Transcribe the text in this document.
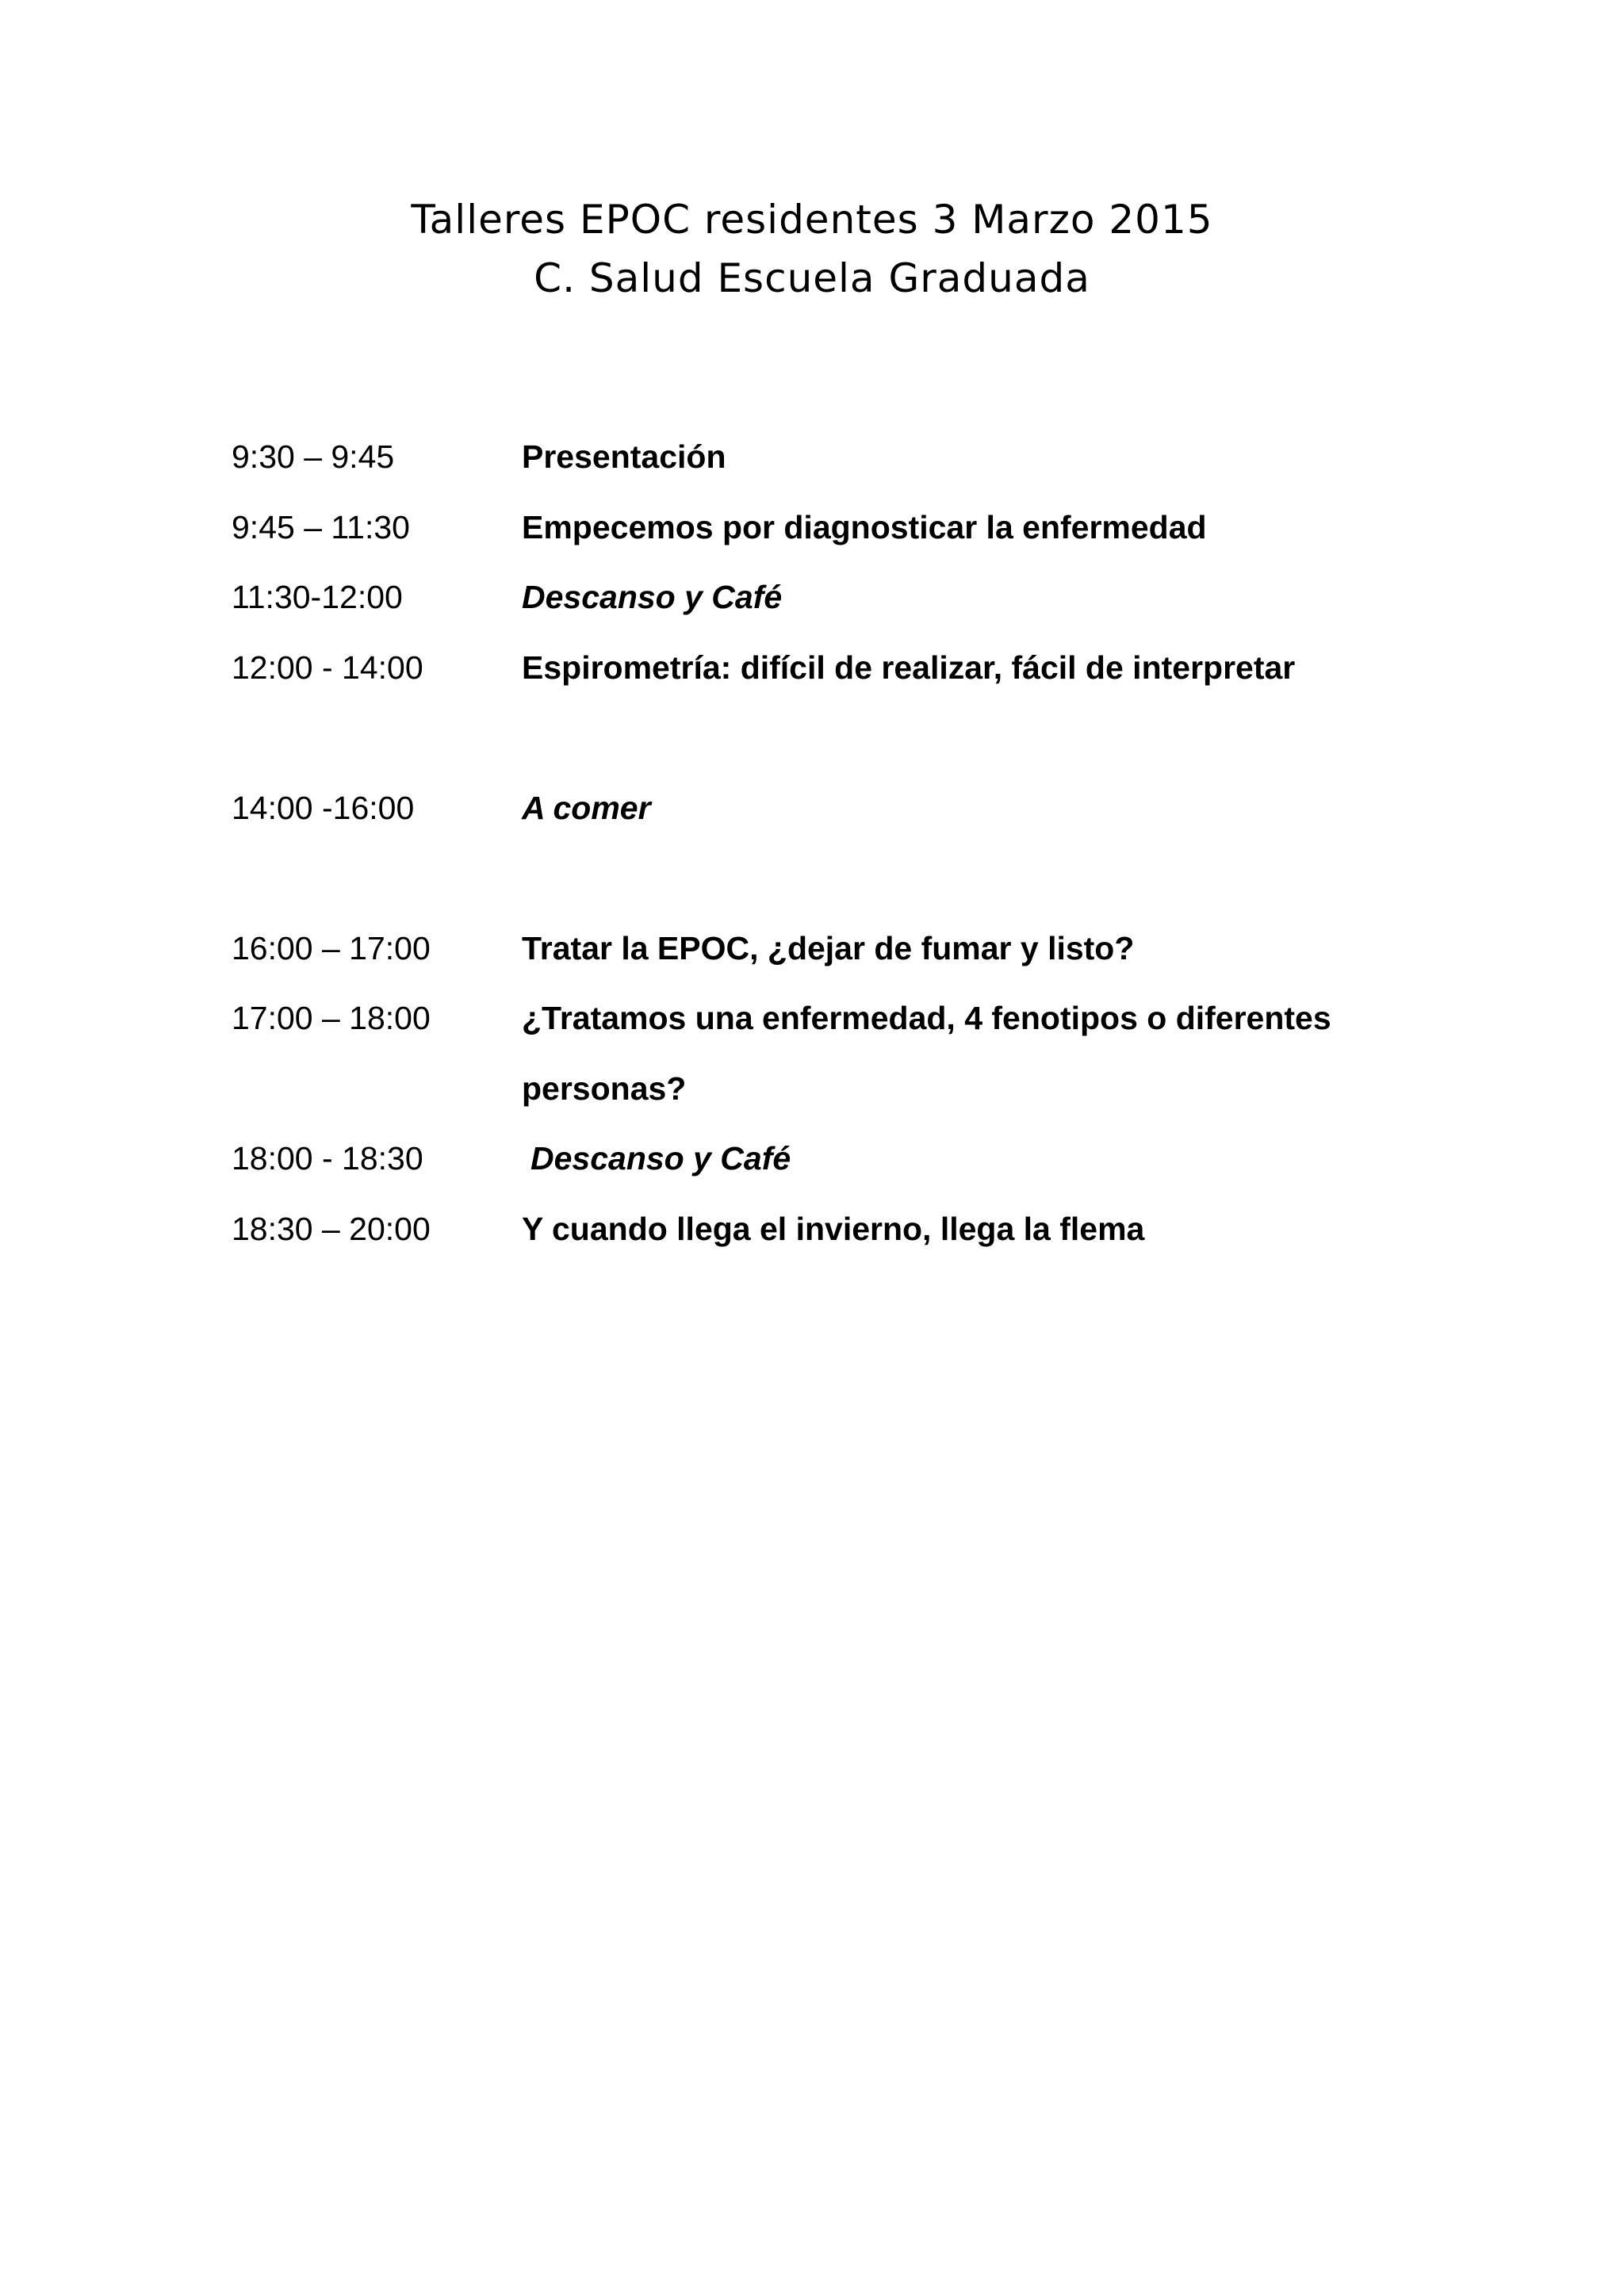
Talleres EPOC residentes 3 Marzo 2015
C. Salud Escuela Graduada
9:30 – 9:45	Presentación
9:45 – 11:30	Empecemos por diagnosticar la enfermedad
11:30-12:00	Descanso y Café
12:00 - 14:00	Espirometría: difícil de realizar, fácil de interpretar
14:00 -16:00	A comer
16:00 – 17:00	Tratar la EPOC, ¿dejar de fumar y listo?
17:00 – 18:00	¿Tratamos una enfermedad, 4 fenotipos o diferentes
personas?
18:00 - 18:30	Descanso y Café
18:30 – 20:00	Y cuando llega el invierno, llega la flema
